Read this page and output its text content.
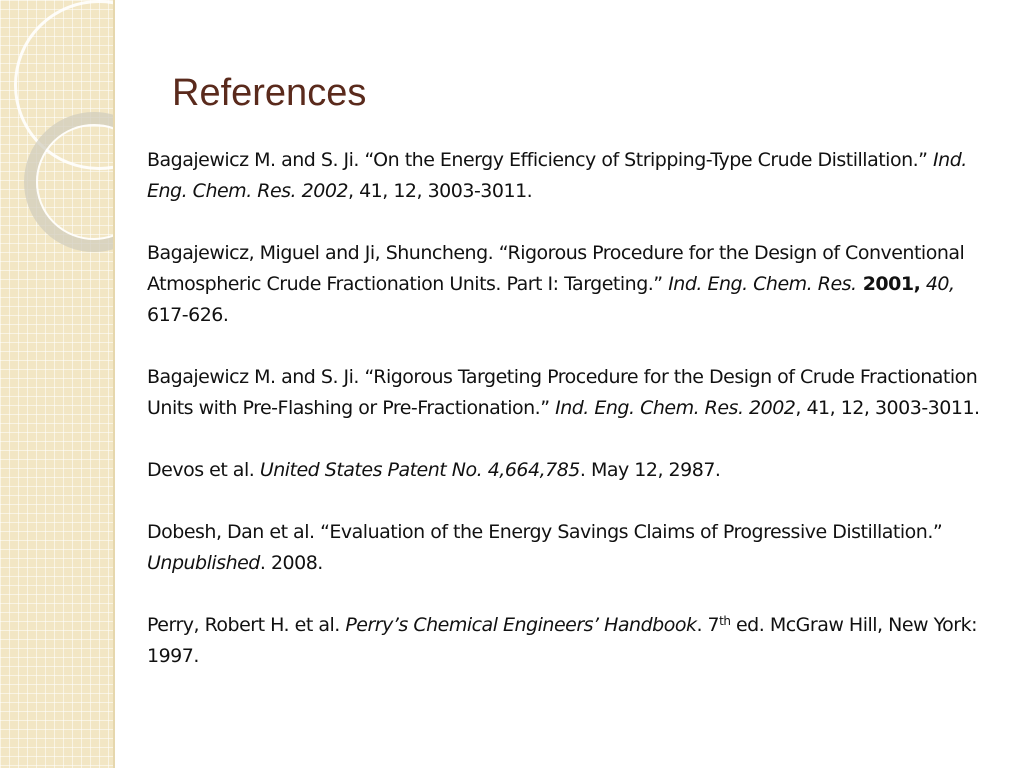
References

Bagajewicz M. and S. Ji. “On the Energy Efficiency of Stripping-Type Crude Distillation.” Ind. Eng. Chem. Res. 2002, 41, 12, 3003-3011.

Bagajewicz, Miguel and Ji, Shuncheng. “Rigorous Procedure for the Design of Conventional Atmospheric Crude Fractionation Units. Part I: Targeting.” Ind. Eng. Chem. Res. 2001, 40, 617-626.

Bagajewicz M. and S. Ji. “Rigorous Targeting Procedure for the Design of Crude Fractionation Units with Pre-Flashing or Pre-Fractionation.” Ind. Eng. Chem. Res. 2002, 41, 12, 3003-3011.

Devos et al. United States Patent No. 4,664,785. May 12, 2987.

Dobesh, Dan et al. “Evaluation of the Energy Savings Claims of Progressive Distillation.” Unpublished. 2008.

Perry, Robert H. et al. Perry’s Chemical Engineers’ Handbook. 7th ed. McGraw Hill, New York: 1997.
